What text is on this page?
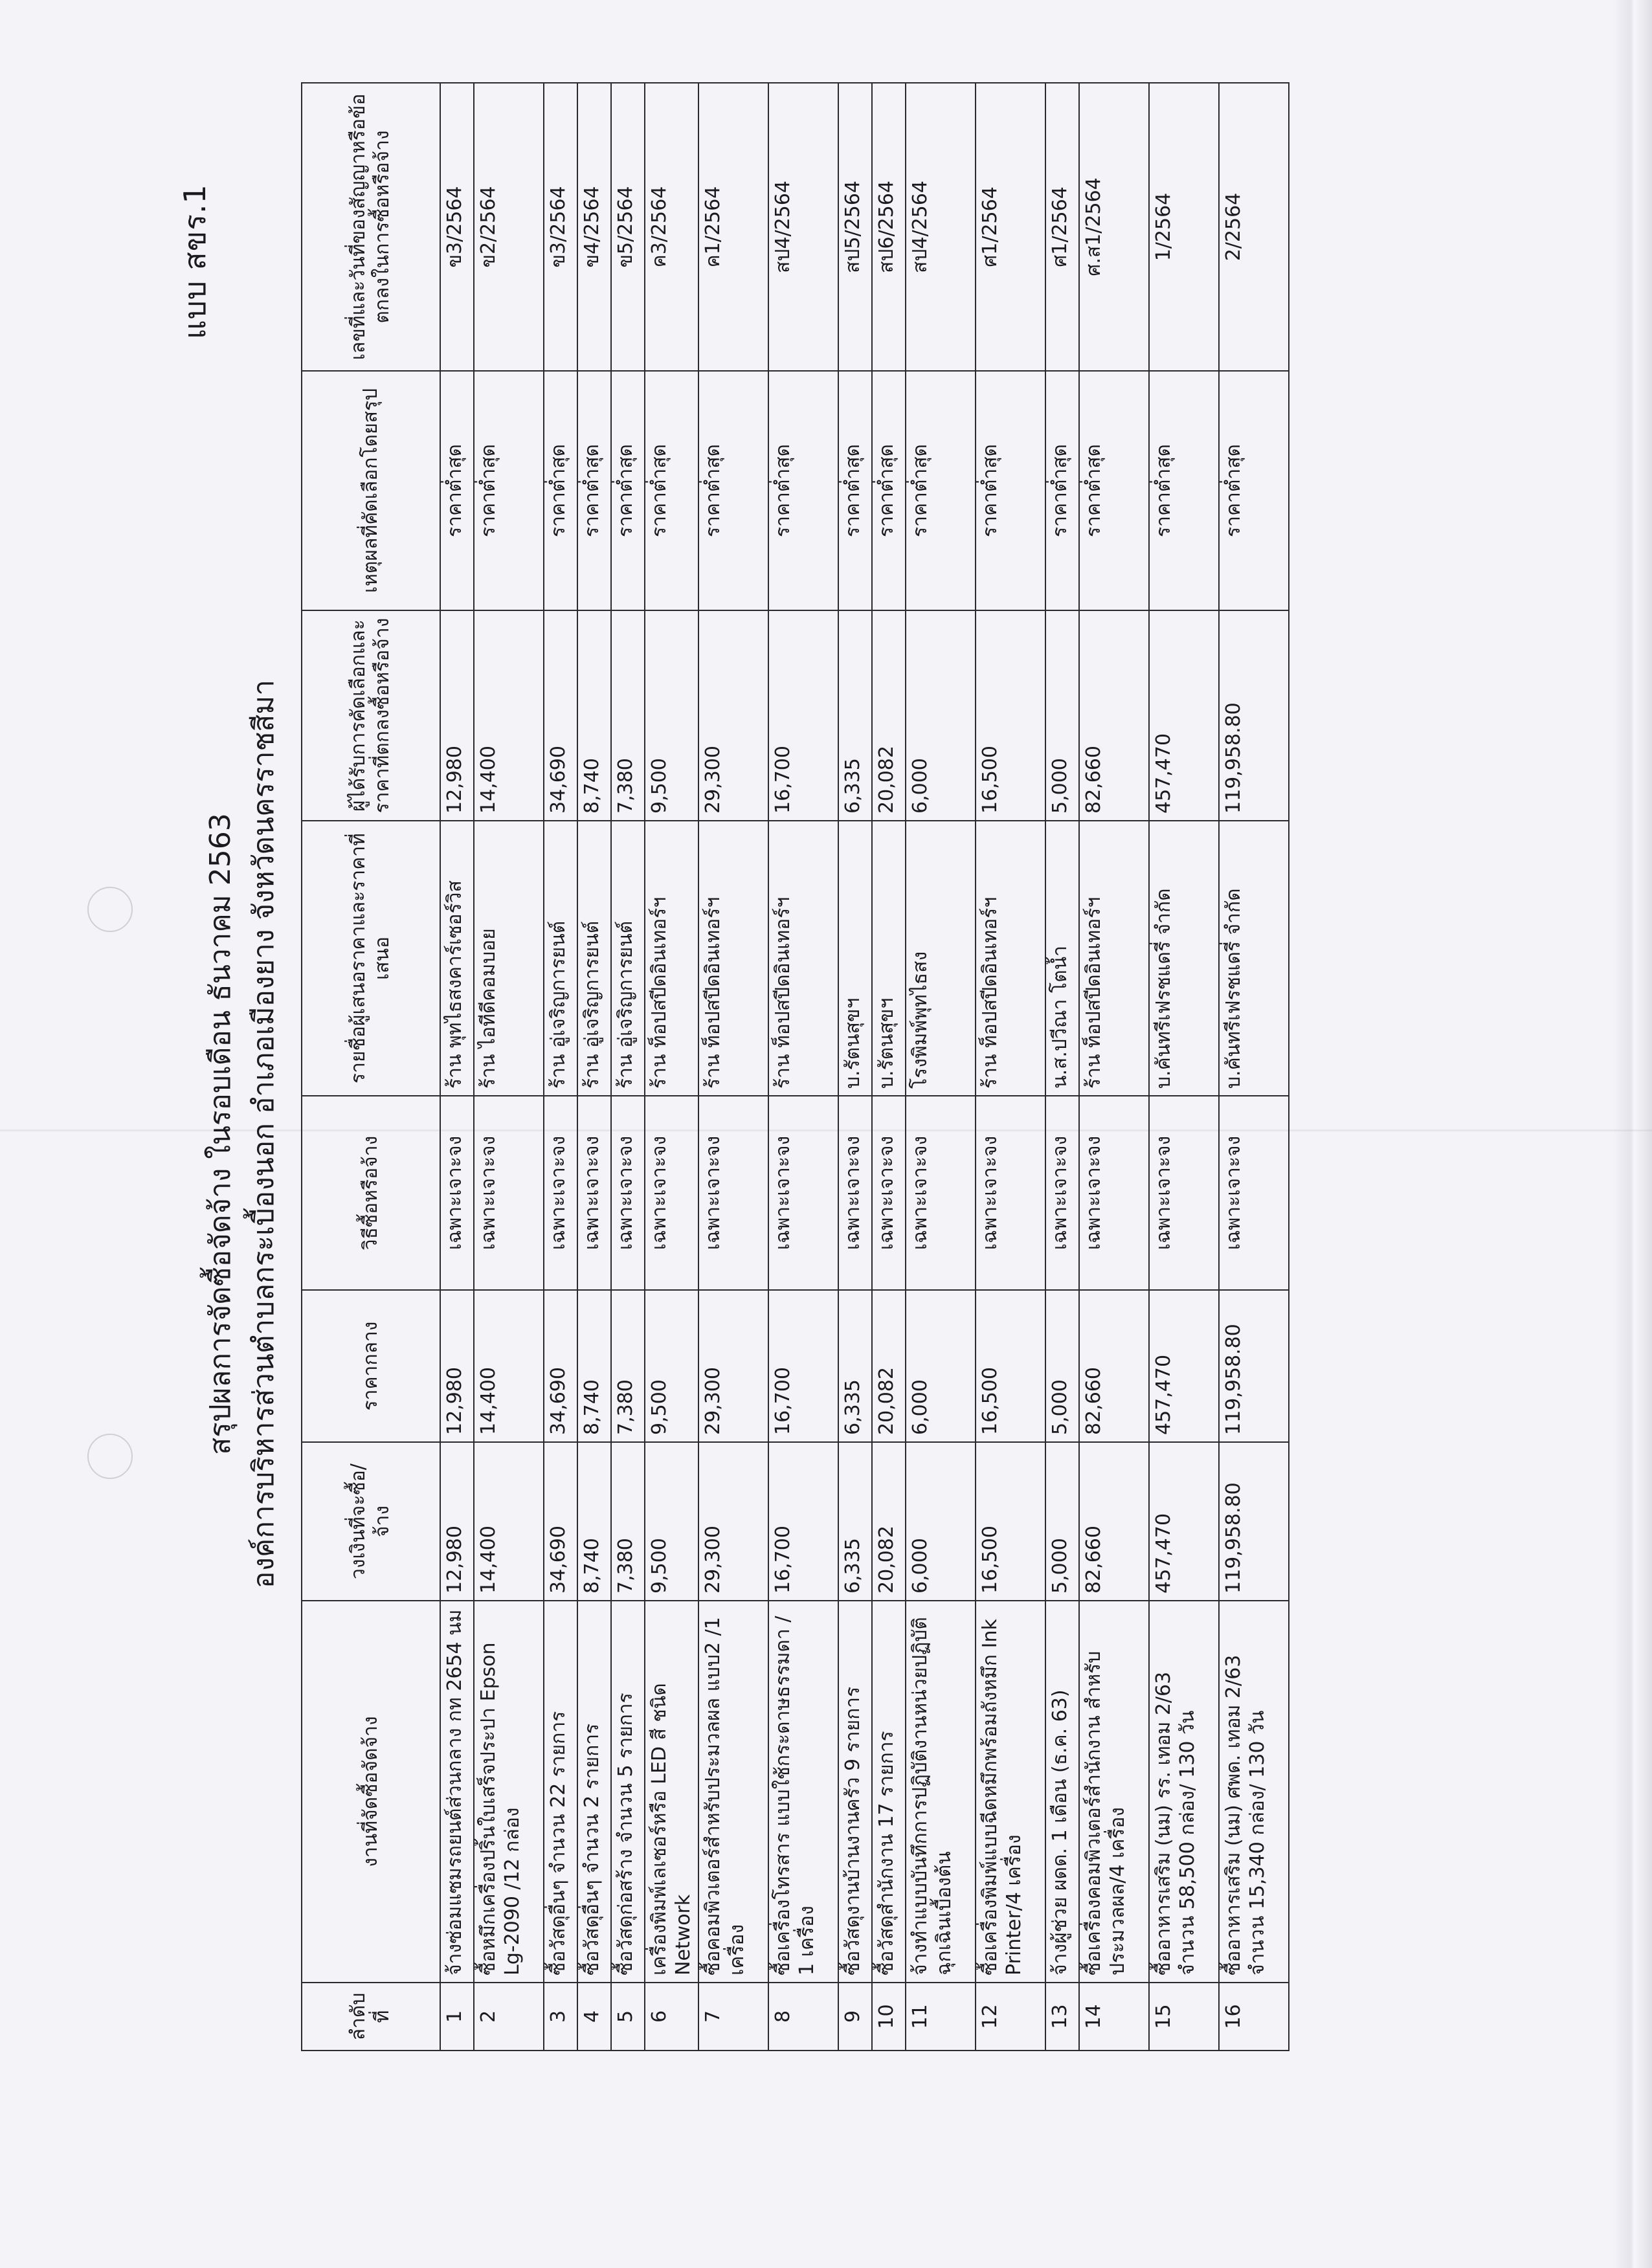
แบบ สขร.1
สรุปผลการจัดซื้อจัดจ้าง ในรอบเดือน ธันวาคม 2563 องค์การบริหารส่วนตำบลกระเบื้องนอก อำเภอเมืองยาง จังหวัดนครราชสีมา
ลำดับที่	งานที่จัดซื้อจัดจ้าง	วงเงินที่จะซื้อ/จ้าง	ราคากลาง	วิธีซื้อหรือจ้าง	รายชื่อผู้เสนอราคาและราคาที่เสนอ	ผู้ได้รับการคัดเลือกและราคาที่ตกลงซื้อหรือจ้าง	เหตุผลที่คัดเลือกโดยสรุป	เลขที่และวันที่ของสัญญาหรือข้อตกลงในการซื้อหรือจ้าง
1	จ้างซ่อมแซมรถยนต์ส่วนกลาง กท 2654 นม	12,980	12,980	เฉพาะเจาะจง	ร้าน พุทไธสงคาร์เซอร์วิส	12,980	ราคาต่ำสุด	ข3/2564
2	ซื้อหมึกเครื่องปริ้นใบเสร็จประปา Epson Lg-2090 /12 กล่อง	14,400	14,400	เฉพาะเจาะจง	ร้าน ไอทีดีคอมบอย	14,400	ราคาต่ำสุด	ข2/2564
3	ซื้อวัสดุอื่นๆ จำนวน 22 รายการ	34,690	34,690	เฉพาะเจาะจง	ร้าน อู่เจริญการยนต์	34,690	ราคาต่ำสุด	ข3/2564
4	ซื้อวัสดุอื่นๆ จำนวน 2 รายการ	8,740	8,740	เฉพาะเจาะจง	ร้าน อู่เจริญการยนต์	8,740	ราคาต่ำสุด	ข4/2564
5	ซื้อวัสดุก่อสร้าง จำนวน 5 รายการ	7,380	7,380	เฉพาะเจาะจง	ร้าน อู่เจริญการยนต์	7,380	ราคาต่ำสุด	ข5/2564
6	เครื่องพิมพ์เลเซอร์หรือ LED สี ชนิด Network	9,500	9,500	เฉพาะเจาะจง	ร้าน ท็อปสปีดอินเทอร์ฯ	9,500	ราคาต่ำสุด	ค3/2564
7	ซื้อคอมพิวเตอร์สำหรับประมวลผล แบบ2 /1 เครื่อง	29,300	29,300	เฉพาะเจาะจง	ร้าน ท็อปสปีดอินเทอร์ฯ	29,300	ราคาต่ำสุด	ค1/2564
8	ซื้อเครื่องโทรสาร แบบใช้กระดาษธรรมดา / 1 เครื่อง	16,700	16,700	เฉพาะเจาะจง	ร้าน ท็อปสปีดอินเทอร์ฯ	16,700	ราคาต่ำสุด	สป4/2564
9	ซื้อวัสดุงานบ้านงานครัว 9 รายการ	6,335	6,335	เฉพาะเจาะจง	บ.รัตนสุขฯ	6,335	ราคาต่ำสุด	สป5/2564
10	ซื้อวัสดุสำนักงาน 17 รายการ	20,082	20,082	เฉพาะเจาะจง	บ.รัตนสุขฯ	20,082	ราคาต่ำสุด	สป6/2564
11	จ้างทำแบบบันทึกการปฏิบัติงานหน่วยปฏิบัติ ฉุกเฉินเบื้องต้น	6,000	6,000	เฉพาะเจาะจง	โรงพิมพ์พุทไธสง	6,000	ราคาต่ำสุด	สป4/2564
12	ซื้อเครื่องพิมพ์แบบฉีดหมึกพร้อมถังหมึก Ink Printer/4 เครื่อง	16,500	16,500	เฉพาะเจาะจง	ร้าน ท็อปสปีดอินเทอร์ฯ	16,500	ราคาต่ำสุด	ศ1/2564
13	จ้างผู้ช่วย ผดด. 1 เดือน (ธ.ค. 63)	5,000	5,000	เฉพาะเจาะจง	น.ส.ปวีณา โตน้ำ	5,000	ราคาต่ำสุด	ศ1/2564
14	ซื้อเครื่องคอมพิวเตอร์สำนักงาน สำหรับประมวลผล/4 เครื่อง	82,660	82,660	เฉพาะเจาะจง	ร้าน ท็อปสปีดอินเทอร์ฯ	82,660	ราคาต่ำสุด	ศ.ส1/2564
15	ซื้ออาหารเสริม (นม) รร. เทอม 2/63 จำนวน 58,500 กล่อง/ 130 วัน	457,470	457,470	เฉพาะเจาะจง	บ.คันทรีเฟรชแดรี่ จำกัด	457,470	ราคาต่ำสุด	1/2564
16	ซื้ออาหารเสริม (นม) ศพด. เทอม 2/63 จำนวน 15,340 กล่อง/ 130 วัน	119,958.80	119,958.80	เฉพาะเจาะจง	บ.คันทรีเฟรชแดรี่ จำกัด	119,958.80	ราคาต่ำสุด	2/2564
